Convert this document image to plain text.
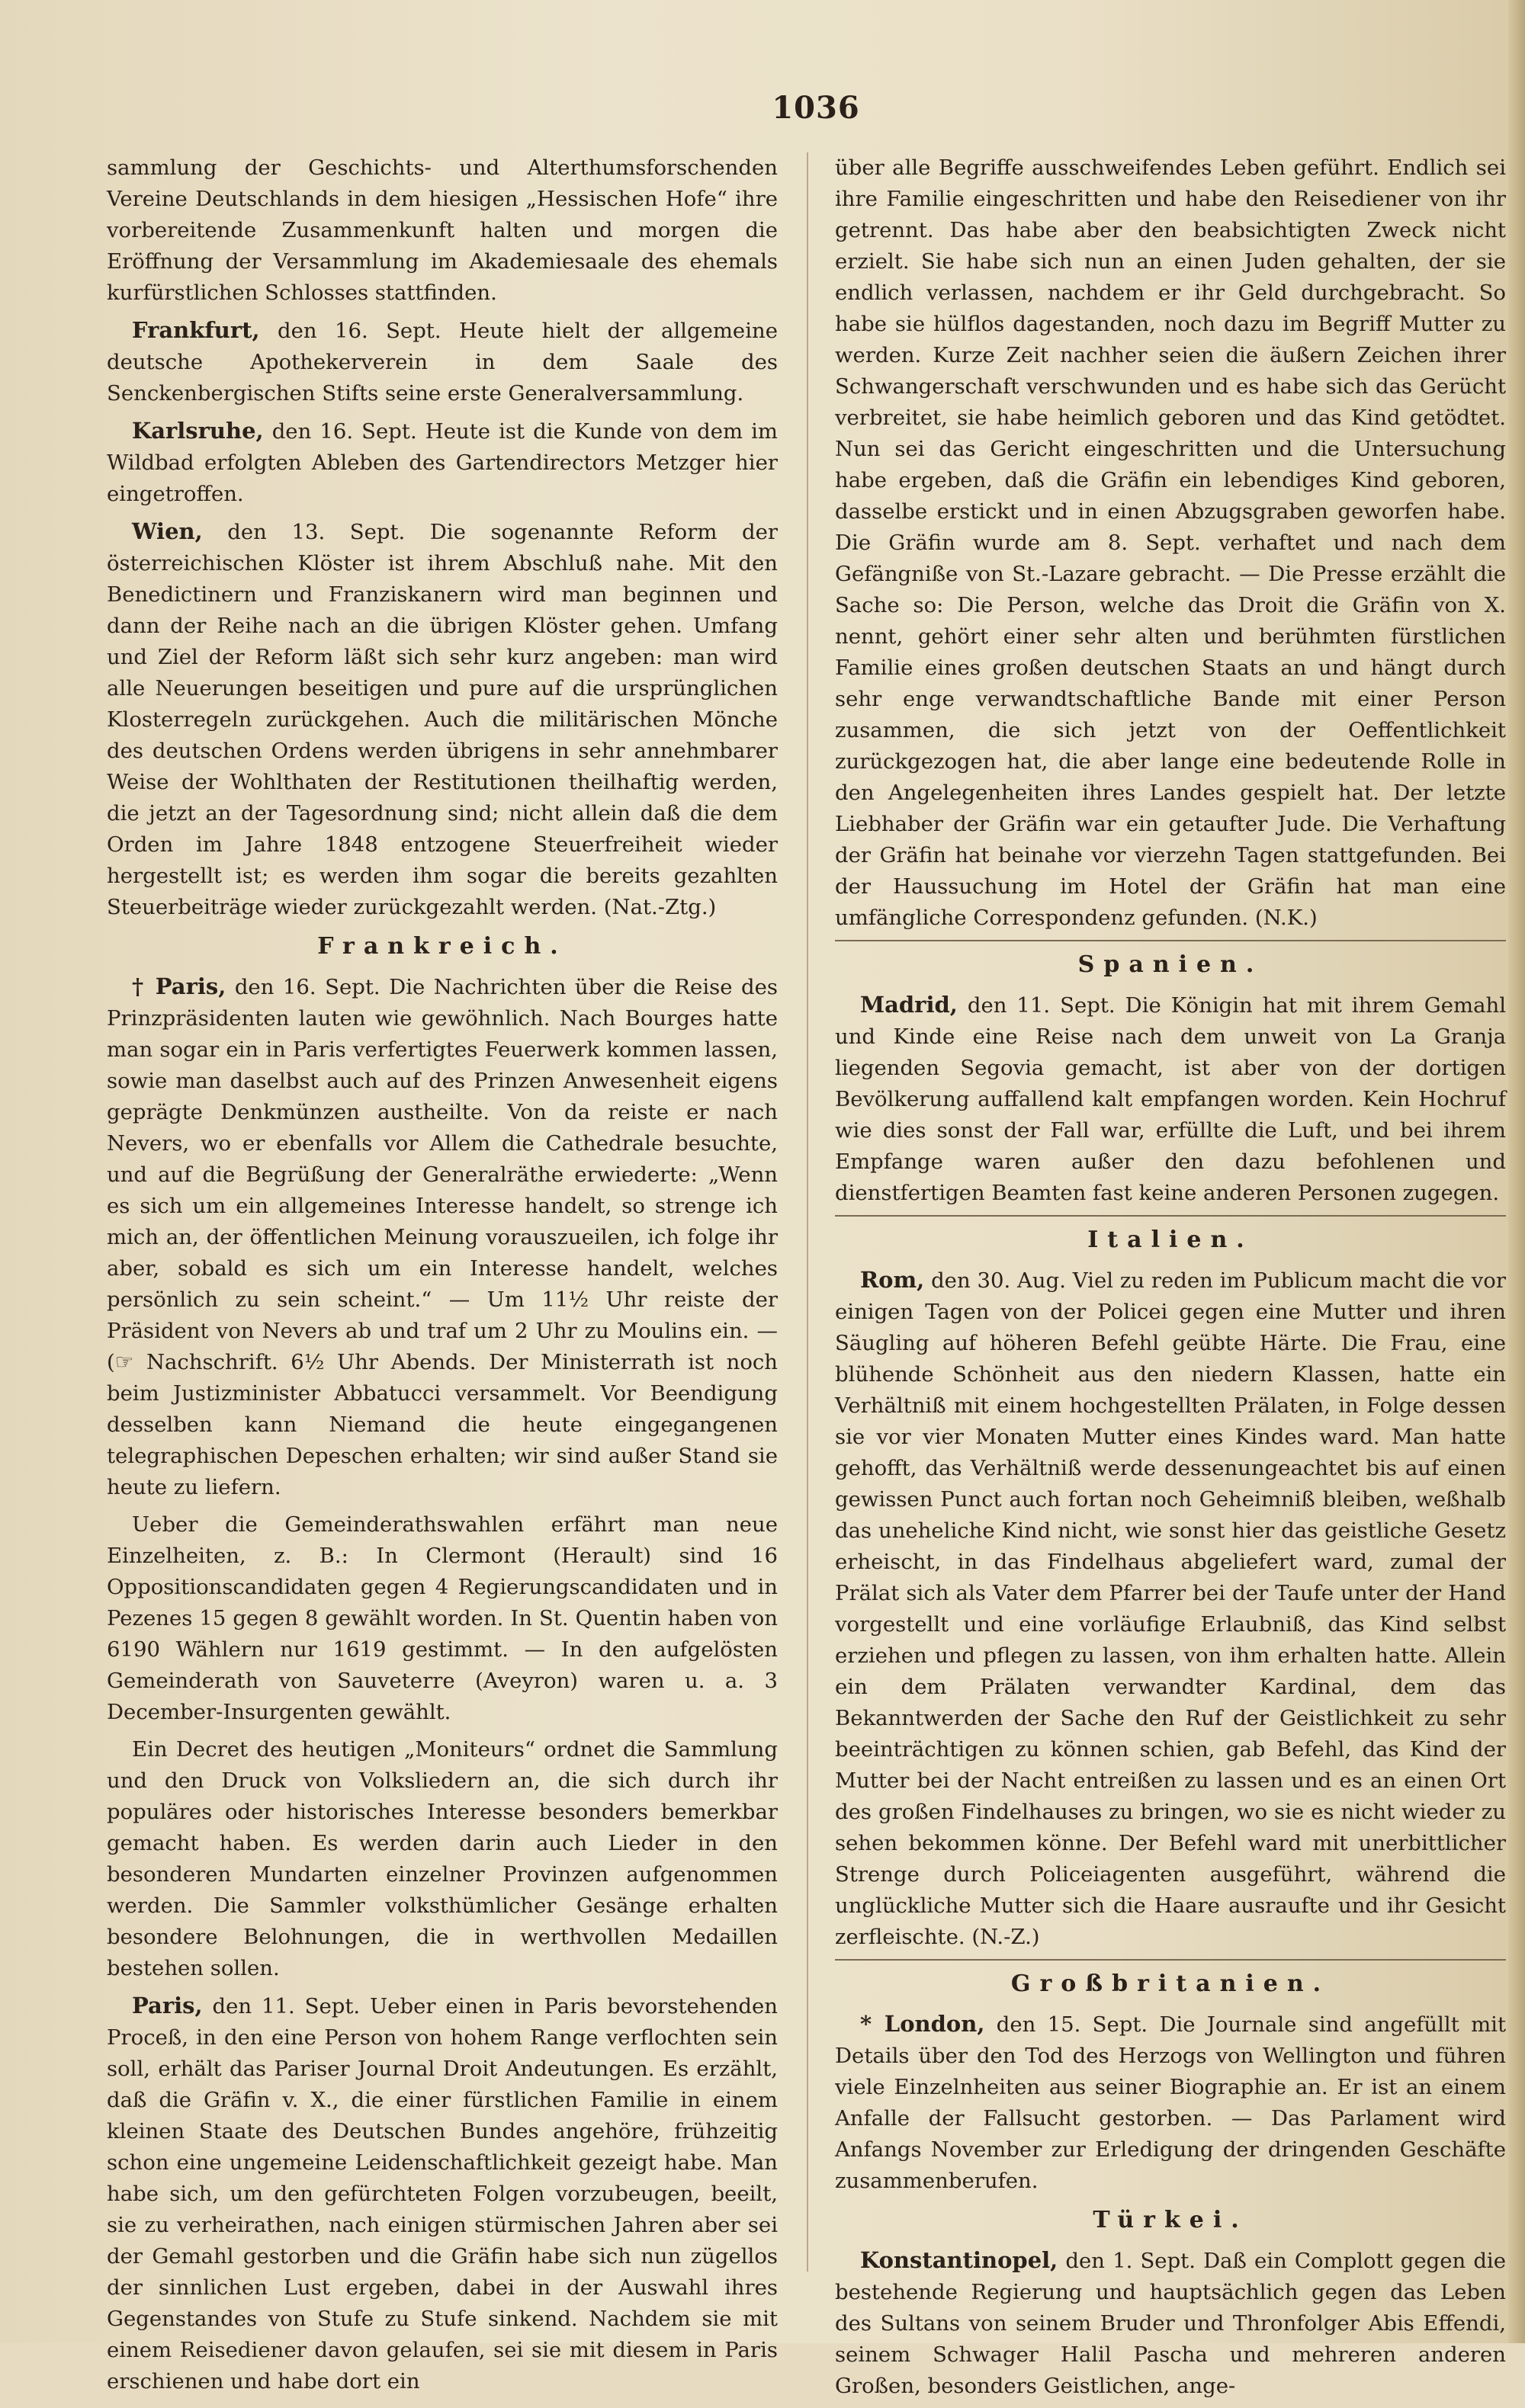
1036

sammlung der Geschichts- und Alterthumsforschenden Vereine Deutschlands in dem hiesigen „Hessischen Hofe“ ihre vorbereitende Zusammenkunft halten und morgen die Eröffnung der Versammlung im Akademiesaale des ehemals kurfürstlichen Schlosses stattfinden.

Frankfurt, den 16. Sept. Heute hielt der allgemeine deutsche Apothekerverein in dem Saale des Senckenbergischen Stifts seine erste Generalversammlung.

Karlsruhe, den 16. Sept. Heute ist die Kunde von dem im Wildbad erfolgten Ableben des Gartendirectors Metzger hier eingetroffen.

Wien, den 13. Sept. Die sogenannte Reform der österreichischen Klöster ist ihrem Abschluß nahe. Mit den Benedictinern und Franziskanern wird man beginnen und dann der Reihe nach an die übrigen Klöster gehen. Umfang und Ziel der Reform läßt sich sehr kurz angeben: man wird alle Neuerungen beseitigen und pure auf die ursprünglichen Klosterregeln zurückgehen. Auch die militärischen Mönche des deutschen Ordens werden übrigens in sehr annehmbarer Weise der Wohlthaten der Restitutionen theilhaftig werden, die jetzt an der Tagesordnung sind; nicht allein daß die dem Orden im Jahre 1848 entzogene Steuerfreiheit wieder hergestellt ist; es werden ihm sogar die bereits gezahlten Steuerbeiträge wieder zurückgezahlt werden. (Nat.-Ztg.)

Frankreich.

† Paris, den 16. Sept. Die Nachrichten über die Reise des Prinzpräsidenten lauten wie gewöhnlich. Nach Bourges hatte man sogar ein in Paris verfertigtes Feuerwerk kommen lassen, sowie man daselbst auch auf des Prinzen Anwesenheit eigens geprägte Denkmünzen austheilte. Von da reiste er nach Nevers, wo er ebenfalls vor Allem die Cathedrale besuchte, und auf die Begrüßung der Generalräthe erwiederte: „Wenn es sich um ein allgemeines Interesse handelt, so strenge ich mich an, der öffentlichen Meinung vorauszueilen, ich folge ihr aber, sobald es sich um ein Interesse handelt, welches persönlich zu sein scheint.“ — Um 11½ Uhr reiste der Präsident von Nevers ab und traf um 2 Uhr zu Moulins ein. — (☞ Nachschrift. 6½ Uhr Abends. Der Ministerrath ist noch beim Justizminister Abbatucci versammelt. Vor Beendigung desselben kann Niemand die heute eingegangenen telegraphischen Depeschen erhalten; wir sind außer Stand sie heute zu liefern.

Ueber die Gemeinderathswahlen erfährt man neue Einzelheiten, z. B.: In Clermont (Herault) sind 16 Oppositionscandidaten gegen 4 Regierungscandidaten und in Pezenes 15 gegen 8 gewählt worden. In St. Quentin haben von 6190 Wählern nur 1619 gestimmt. — In den aufgelösten Gemeinderath von Sauveterre (Aveyron) waren u. a. 3 December-Insurgenten gewählt.

Ein Decret des heutigen „Moniteurs“ ordnet die Sammlung und den Druck von Volksliedern an, die sich durch ihr populäres oder historisches Interesse besonders bemerkbar gemacht haben. Es werden darin auch Lieder in den besonderen Mundarten einzelner Provinzen aufgenommen werden. Die Sammler volksthümlicher Gesänge erhalten besondere Belohnungen, die in werthvollen Medaillen bestehen sollen.

Paris, den 11. Sept. Ueber einen in Paris bevorstehenden Proceß, in den eine Person von hohem Range verflochten sein soll, erhält das Pariser Journal Droit Andeutungen. Es erzählt, daß die Gräfin v. X., die einer fürstlichen Familie in einem kleinen Staate des Deutschen Bundes angehöre, frühzeitig schon eine ungemeine Leidenschaftlichkeit gezeigt habe. Man habe sich, um den gefürchteten Folgen vorzubeugen, beeilt, sie zu verheirathen, nach einigen stürmischen Jahren aber sei der Gemahl gestorben und die Gräfin habe sich nun zügellos der sinnlichen Lust ergeben, dabei in der Auswahl ihres Gegenstandes von Stufe zu Stufe sinkend. Nachdem sie mit einem Reisediener davon gelaufen, sei sie mit diesem in Paris erschienen und habe dort ein

über alle Begriffe ausschweifendes Leben geführt. Endlich sei ihre Familie eingeschritten und habe den Reisediener von ihr getrennt. Das habe aber den beabsichtigten Zweck nicht erzielt. Sie habe sich nun an einen Juden gehalten, der sie endlich verlassen, nachdem er ihr Geld durchgebracht. So habe sie hülflos dagestanden, noch dazu im Begriff Mutter zu werden. Kurze Zeit nachher seien die äußern Zeichen ihrer Schwangerschaft verschwunden und es habe sich das Gerücht verbreitet, sie habe heimlich geboren und das Kind getödtet. Nun sei das Gericht eingeschritten und die Untersuchung habe ergeben, daß die Gräfin ein lebendiges Kind geboren, dasselbe erstickt und in einen Abzugsgraben geworfen habe. Die Gräfin wurde am 8. Sept. verhaftet und nach dem Gefängniße von St.-Lazare gebracht. — Die Presse erzählt die Sache so: Die Person, welche das Droit die Gräfin von X. nennt, gehört einer sehr alten und berühmten fürstlichen Familie eines großen deutschen Staats an und hängt durch sehr enge verwandtschaftliche Bande mit einer Person zusammen, die sich jetzt von der Oeffentlichkeit zurückgezogen hat, die aber lange eine bedeutende Rolle in den Angelegenheiten ihres Landes gespielt hat. Der letzte Liebhaber der Gräfin war ein getaufter Jude. Die Verhaftung der Gräfin hat beinahe vor vierzehn Tagen stattgefunden. Bei der Haussuchung im Hotel der Gräfin hat man eine umfängliche Correspondenz gefunden. (N.K.)

Spanien.

Madrid, den 11. Sept. Die Königin hat mit ihrem Gemahl und Kinde eine Reise nach dem unweit von La Granja liegenden Segovia gemacht, ist aber von der dortigen Bevölkerung auffallend kalt empfangen worden. Kein Hochruf wie dies sonst der Fall war, erfüllte die Luft, und bei ihrem Empfange waren außer den dazu befohlenen und dienstfertigen Beamten fast keine anderen Personen zugegen.

Italien.

Rom, den 30. Aug. Viel zu reden im Publicum macht die vor einigen Tagen von der Policei gegen eine Mutter und ihren Säugling auf höheren Befehl geübte Härte. Die Frau, eine blühende Schönheit aus den niedern Klassen, hatte ein Verhältniß mit einem hochgestellten Prälaten, in Folge dessen sie vor vier Monaten Mutter eines Kindes ward. Man hatte gehofft, das Verhältniß werde dessenungeachtet bis auf einen gewissen Punct auch fortan noch Geheimniß bleiben, weßhalb das uneheliche Kind nicht, wie sonst hier das geistliche Gesetz erheischt, in das Findelhaus abgeliefert ward, zumal der Prälat sich als Vater dem Pfarrer bei der Taufe unter der Hand vorgestellt und eine vorläufige Erlaubniß, das Kind selbst erziehen und pflegen zu lassen, von ihm erhalten hatte. Allein ein dem Prälaten verwandter Kardinal, dem das Bekanntwerden der Sache den Ruf der Geistlichkeit zu sehr beeinträchtigen zu können schien, gab Befehl, das Kind der Mutter bei der Nacht entreißen zu lassen und es an einen Ort des großen Findelhauses zu bringen, wo sie es nicht wieder zu sehen bekommen könne. Der Befehl ward mit unerbittlicher Strenge durch Policeiagenten ausgeführt, während die unglückliche Mutter sich die Haare ausraufte und ihr Gesicht zerfleischte. (N.-Z.)

Großbritanien.

* London, den 15. Sept. Die Journale sind angefüllt mit Details über den Tod des Herzogs von Wellington und führen viele Einzelnheiten aus seiner Biographie an. Er ist an einem Anfalle der Fallsucht gestorben. — Das Parlament wird Anfangs November zur Erledigung der dringenden Geschäfte zusammenberufen.

Türkei.

Konstantinopel, den 1. Sept. Daß ein Complott gegen die bestehende Regierung und hauptsächlich gegen das Leben des Sultans von seinem Bruder und Thronfolger Abis Effendi, seinem Schwager Halil Pascha und mehreren anderen Großen, besonders Geistlichen, ange-
